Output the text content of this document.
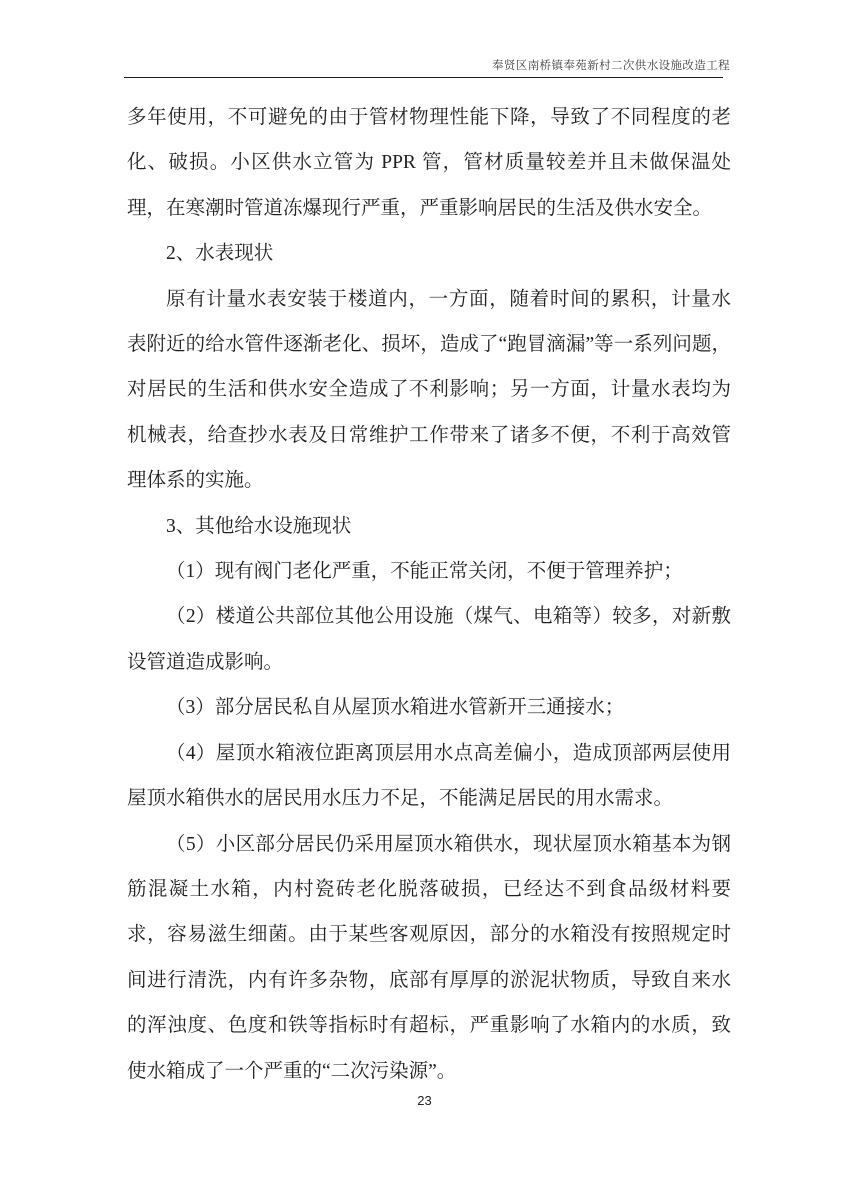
奉贤区南桥镇奉苑新村二次供水设施改造工程

多年使用，不可避免的由于管材物理性能下降，导致了不同程度的老化、破损。小区供水立管为 PPR 管，管材质量较差并且未做保温处理，在寒潮时管道冻爆现行严重，严重影响居民的生活及供水安全。

2、水表现状

原有计量水表安装于楼道内，一方面，随着时间的累积，计量水表附近的给水管件逐渐老化、损坏，造成了“跑冒滴漏”等一系列问题，对居民的生活和供水安全造成了不利影响；另一方面，计量水表均为机械表，给查抄水表及日常维护工作带来了诸多不便，不利于高效管理体系的实施。

3、其他给水设施现状

（1）现有阀门老化严重，不能正常关闭，不便于管理养护；

（2）楼道公共部位其他公用设施（煤气、电箱等）较多，对新敷设管道造成影响。

（3）部分居民私自从屋顶水箱进水管新开三通接水；

（4）屋顶水箱液位距离顶层用水点高差偏小，造成顶部两层使用屋顶水箱供水的居民用水压力不足，不能满足居民的用水需求。

（5）小区部分居民仍采用屋顶水箱供水，现状屋顶水箱基本为钢筋混凝土水箱，内村瓷砖老化脱落破损，已经达不到食品级材料要求，容易滋生细菌。由于某些客观原因，部分的水箱没有按照规定时间进行清洗，内有许多杂物，底部有厚厚的淤泥状物质，导致自来水的浑浊度、色度和铁等指标时有超标，严重影响了水箱内的水质，致使水箱成了一个严重的“二次污染源”。

23
